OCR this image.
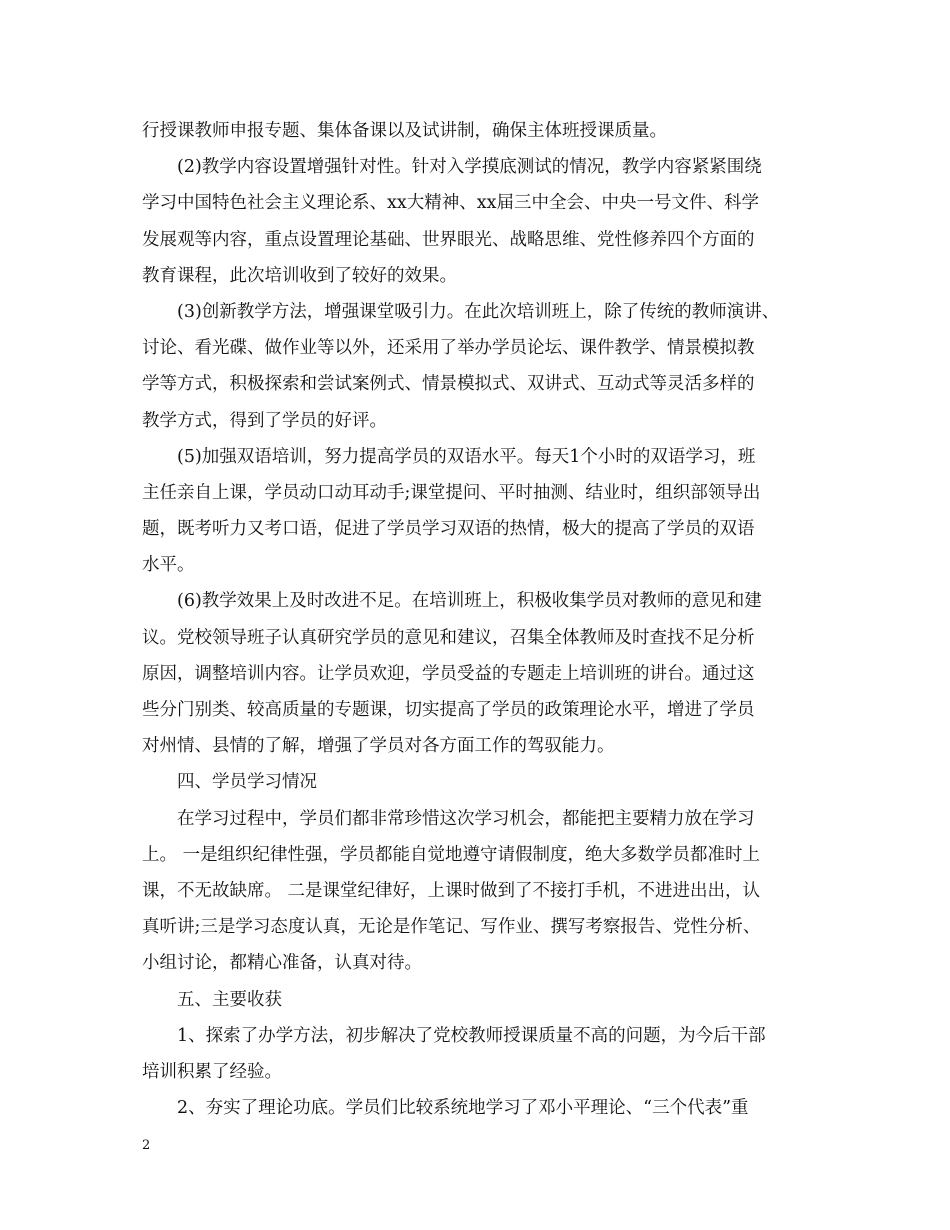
行授课教师申报专题、集体备课以及试讲制，确保主体班授课质量。
　　(2)教学内容设置增强针对性。针对入学摸底测试的情况，教学内容紧紧围绕
学习中国特色社会主义理论系、xx大精神、xx届三中全会、中央一号文件、科学
发展观等内容，重点设置理论基础、世界眼光、战略思维、党性修养四个方面的
教育课程，此次培训收到了较好的效果。
　　(3)创新教学方法，增强课堂吸引力。在此次培训班上，除了传统的教师演讲、
讨论、看光碟、做作业等以外，还采用了举办学员论坛、课件教学、情景模拟教
学等方式，积极探索和尝试案例式、情景模拟式、双讲式、互动式等灵活多样的
教学方式，得到了学员的好评。
　　(5)加强双语培训，努力提高学员的双语水平。每天1个小时的双语学习，班
主任亲自上课，学员动口动耳动手;课堂提问、平时抽测、结业时，组织部领导出
题，既考听力又考口语，促进了学员学习双语的热情，极大的提高了学员的双语
水平。
　　(6)教学效果上及时改进不足。在培训班上，积极收集学员对教师的意见和建
议。党校领导班子认真研究学员的意见和建议，召集全体教师及时查找不足分析
原因，调整培训内容。让学员欢迎，学员受益的专题走上培训班的讲台。通过这
些分门别类、较高质量的专题课，切实提高了学员的政策理论水平，增进了学员
对州情、县情的了解，增强了学员对各方面工作的驾驭能力。
　　四、学员学习情况
　　在学习过程中，学员们都非常珍惜这次学习机会，都能把主要精力放在学习
上。 一是组织纪律性强，学员都能自觉地遵守请假制度，绝大多数学员都准时上
课，不无故缺席。 二是课堂纪律好，上课时做到了不接打手机，不进进出出，认
真听讲;三是学习态度认真，无论是作笔记、写作业、撰写考察报告、党性分析、
小组讨论，都精心准备，认真对待。
　　五、主要收获
　　1、探索了办学方法，初步解决了党校教师授课质量不高的问题，为今后干部
培训积累了经验。
　　2、夯实了理论功底。学员们比较系统地学习了邓小平理论、“三个代表”重
2
